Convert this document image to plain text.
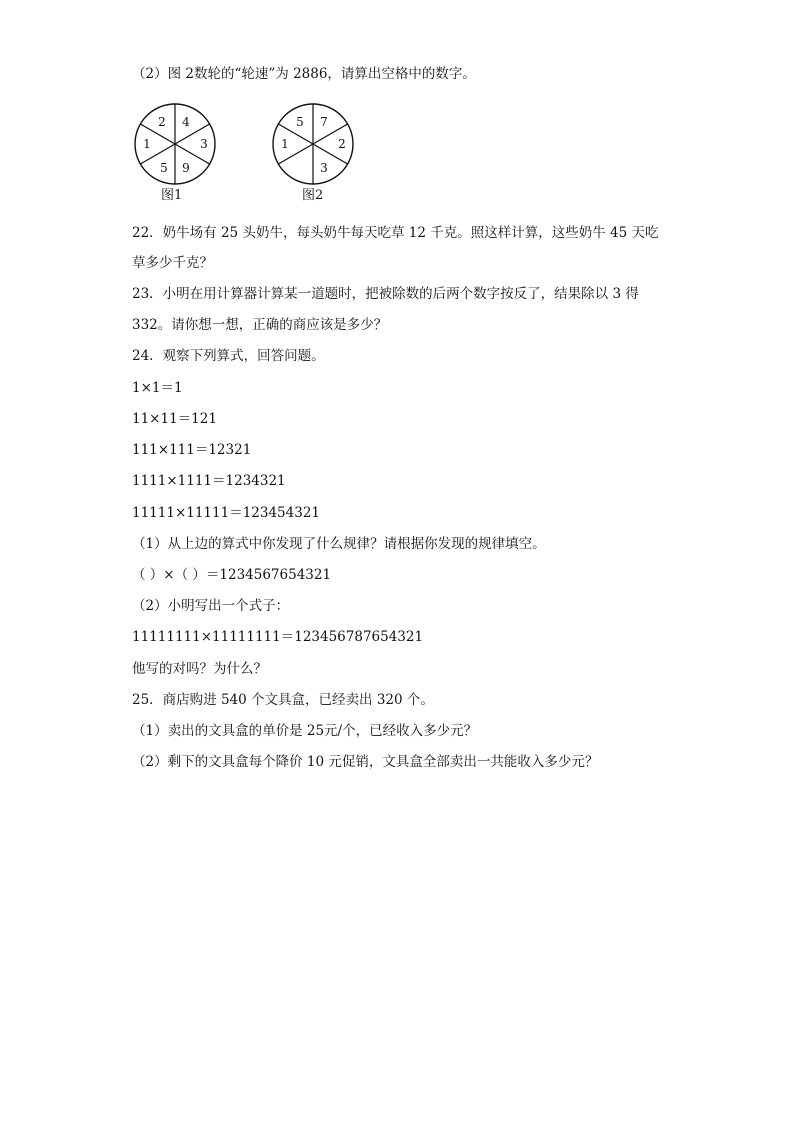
（2）图 2数轮的“轮速”为 2886，请算出空格中的数字。
2 4
3
9
5
1
图1
5 7
2
3
1
图2
22．奶牛场有 25 头奶牛，每头奶牛每天吃草 12 千克。照这样计算，这些奶牛 45 天吃
草多少千克？
23．小明在用计算器计算某一道题时，把被除数的后两个数字按反了，结果除以 3 得
332。请你想一想，正确的商应该是多少？
24．观察下列算式，回答问题。
1×1＝1
11×11＝121
111×111＝12321
1111×1111＝1234321
11111×11111＝123454321
（1）从上边的算式中你发现了什么规律？请根据你发现的规律填空。
（ ）×（ ）＝1234567654321
（2）小明写出一个式子：
11111111×11111111＝123456787654321
他写的对吗？为什么？
25．商店购进 540 个文具盒，已经卖出 320 个。
（1）卖出的文具盒的单价是 25元/个，已经收入多少元？
（2）剩下的文具盒每个降价 10 元促销，文具盒全部卖出一共能收入多少元？
